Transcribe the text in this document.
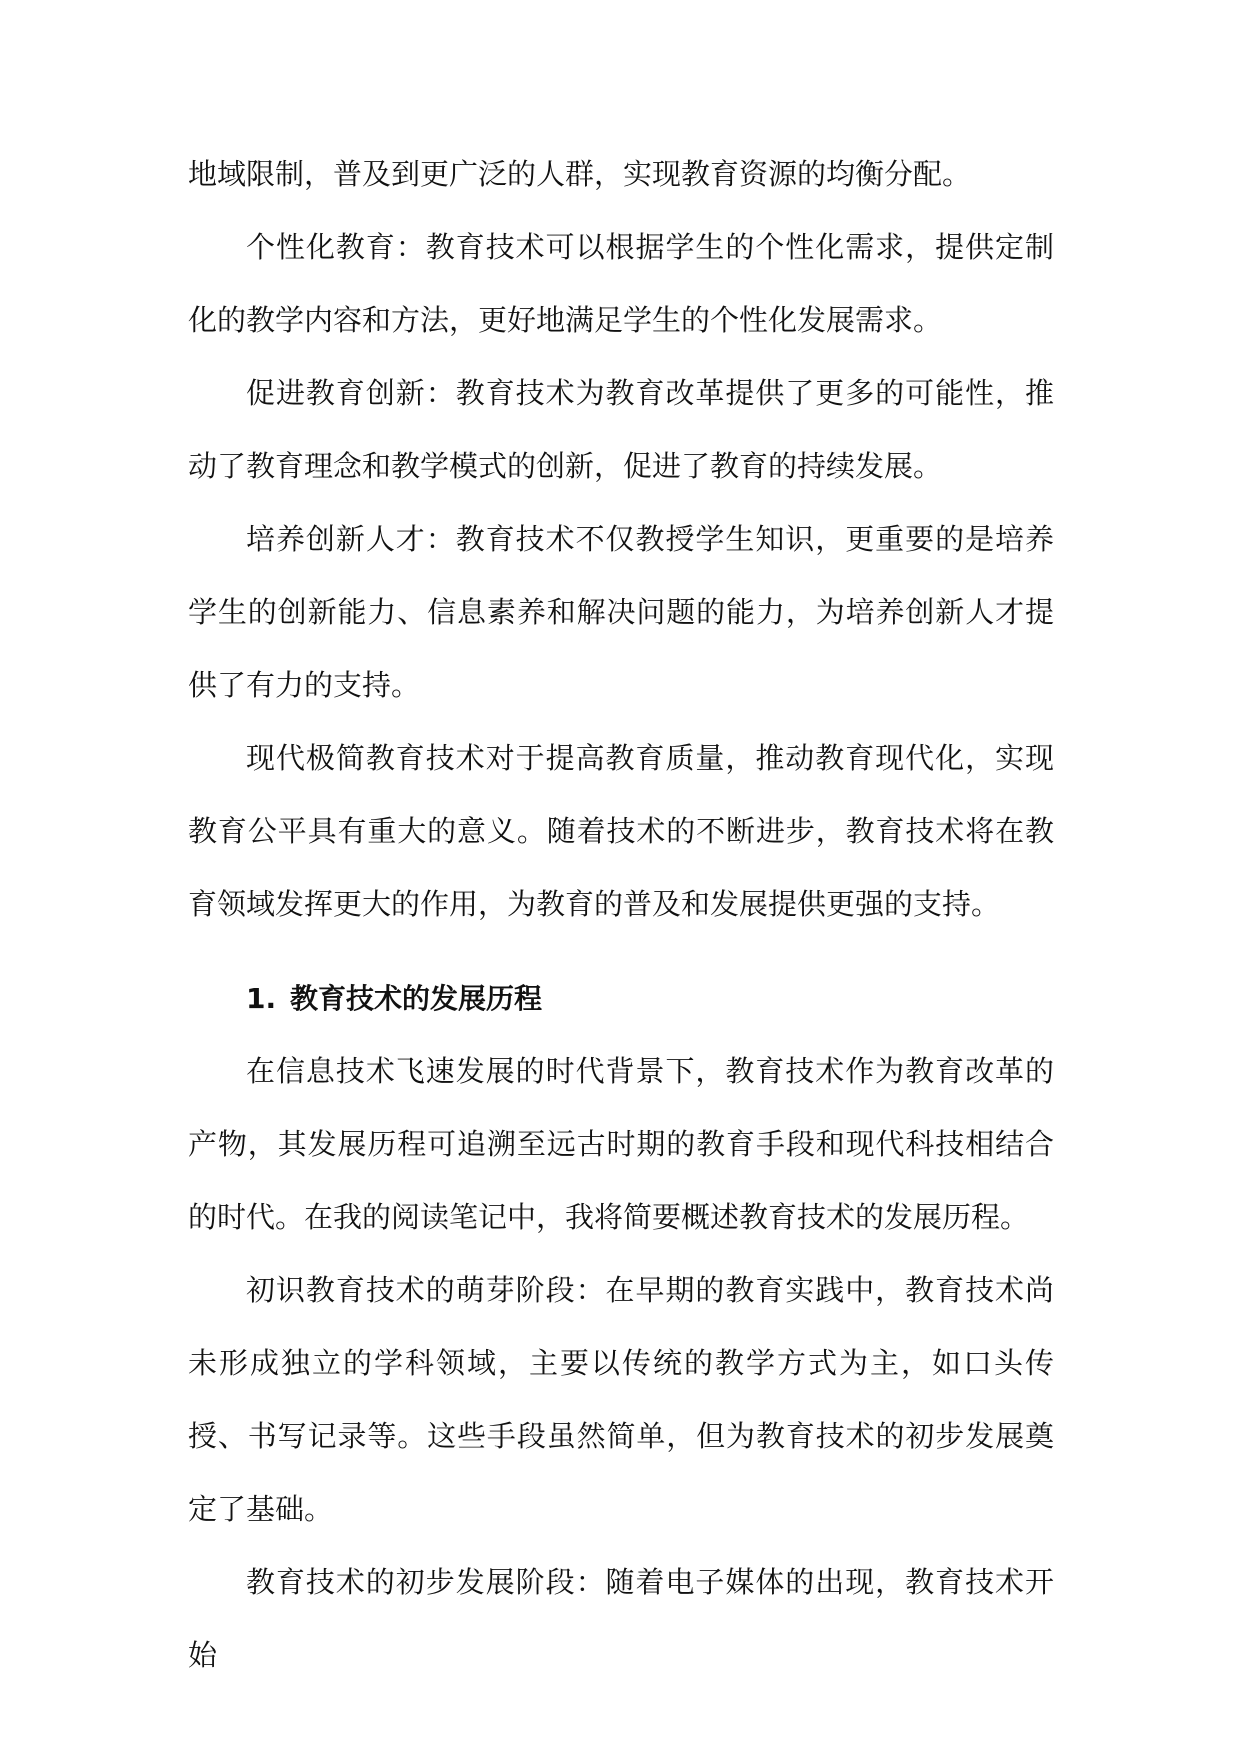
地域限制，普及到更广泛的人群，实现教育资源的均衡分配。

个性化教育：教育技术可以根据学生的个性化需求，提供定制化的教学内容和方法，更好地满足学生的个性化发展需求。

促进教育创新：教育技术为教育改革提供了更多的可能性，推动了教育理念和教学模式的创新，促进了教育的持续发展。

培养创新人才：教育技术不仅教授学生知识，更重要的是培养学生的创新能力、信息素养和解决问题的能力，为培养创新人才提供了有力的支持。

现代极简教育技术对于提高教育质量，推动教育现代化，实现教育公平具有重大的意义。随着技术的不断进步，教育技术将在教育领域发挥更大的作用，为教育的普及和发展提供更强的支持。

1. 教育技术的发展历程

在信息技术飞速发展的时代背景下，教育技术作为教育改革的产物，其发展历程可追溯至远古时期的教育手段和现代科技相结合的时代。在我的阅读笔记中，我将简要概述教育技术的发展历程。

初识教育技术的萌芽阶段：在早期的教育实践中，教育技术尚未形成独立的学科领域，主要以传统的教学方式为主，如口头传授、书写记录等。这些手段虽然简单，但为教育技术的初步发展奠定了基础。

教育技术的初步发展阶段：随着电子媒体的出现，教育技术开始
